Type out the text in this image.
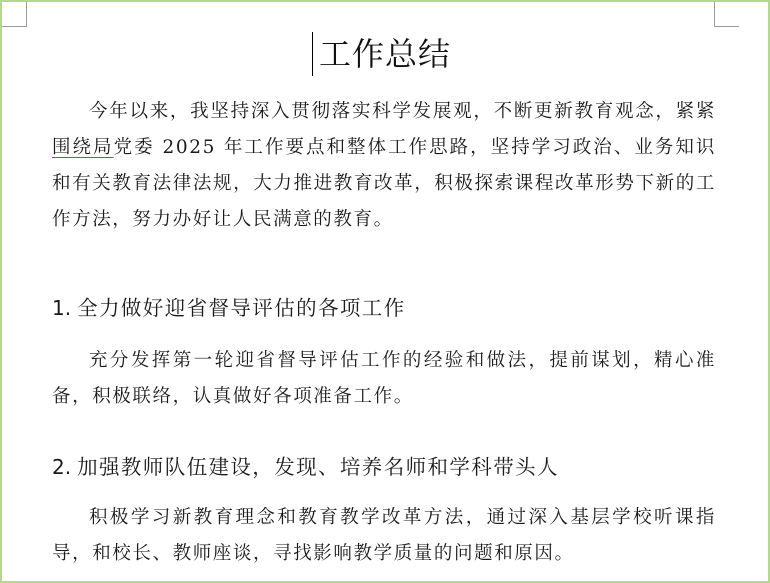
工作总结

今年以来，我坚持深入贯彻落实科学发展观，不断更新教育观念，紧紧围绕局党委 2025 年工作要点和整体工作思路，坚持学习政治、业务知识和有关教育法律法规，大力推进教育改革，积极探索课程改革形势下新的工作方法，努力办好让人民满意的教育。

1. 全力做好迎省督导评估的各项工作

充分发挥第一轮迎省督导评估工作的经验和做法，提前谋划，精心准备，积极联络，认真做好各项准备工作。

2. 加强教师队伍建设，发现、培养名师和学科带头人

积极学习新教育理念和教育教学改革方法，通过深入基层学校听课指导，和校长、教师座谈，寻找影响教学质量的问题和原因。
